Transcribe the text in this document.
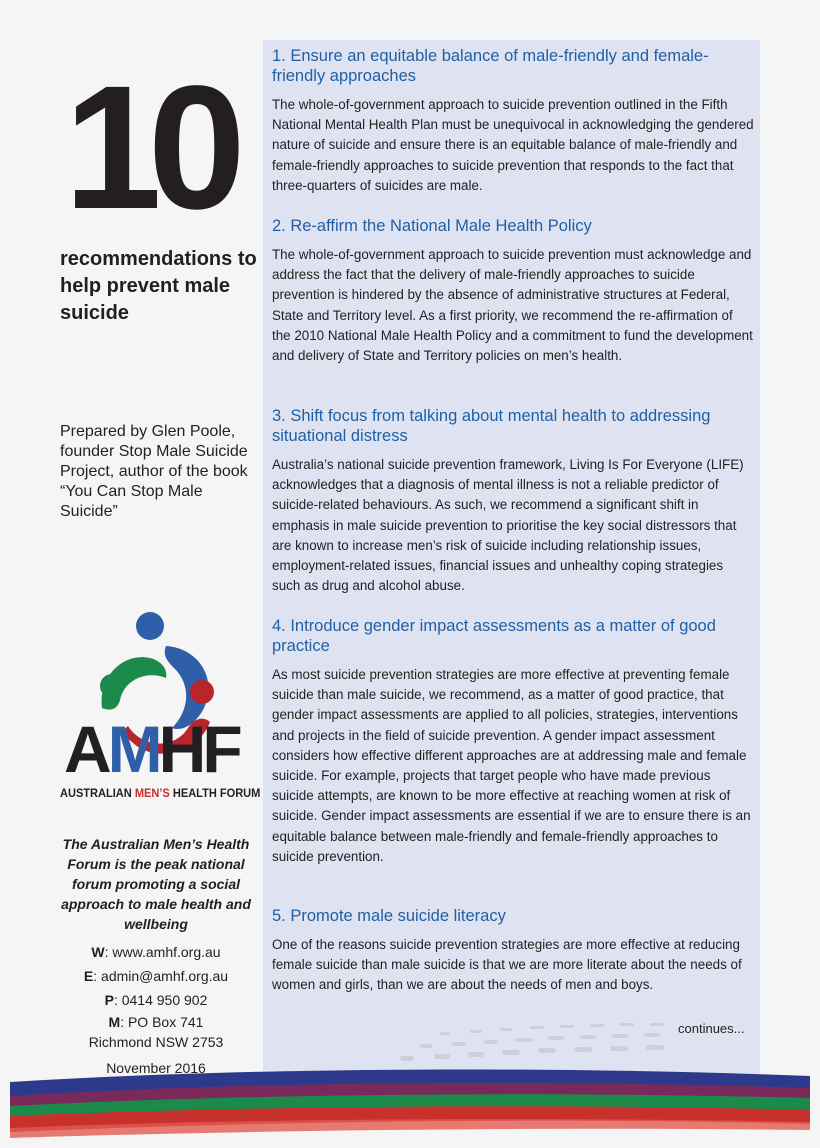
10
recommendations to help prevent male suicide
Prepared by Glen Poole, founder Stop Male Suicide Project, author of the book “You Can Stop Male Suicide”
AMHF
AUSTRALIAN MEN’S HEALTH FORUM
The Australian Men’s Health Forum is the peak national forum promoting a social approach to male health and wellbeing
W: www.amhf.org.au
E: admin@amhf.org.au
P: 0414 950 902
M: PO Box 741
Richmond NSW 2753
November 2016
1. Ensure an equitable balance of male-friendly and female-friendly approaches

The whole-of-government approach to suicide prevention outlined in the Fifth National Mental Health Plan must be unequivocal in acknowledging the gendered nature of suicide and ensure there is an equitable balance of male-friendly and female-friendly approaches to suicide prevention that responds to the fact that three-quarters of suicides are male.

2. Re-affirm the National Male Health Policy

The whole-of-government approach to suicide prevention must acknowledge and address the fact that the delivery of male-friendly approaches to suicide prevention is hindered by the absence of administrative structures at Federal, State and Territory level. As a first priority, we recommend the re-affirmation of the 2010 National Male Health Policy and a commitment to fund the development and delivery of State and Territory policies on men’s health.

3. Shift focus from talking about mental health to addressing situational distress

Australia’s national suicide prevention framework, Living Is For Everyone (LIFE) acknowledges that a diagnosis of mental illness is not a reliable predictor of suicide-related behaviours. As such, we recommend a significant shift in emphasis in male suicide prevention to prioritise the key social distressors that are known to increase men’s risk of suicide including relationship issues, employment-related issues, financial issues and unhealthy coping strategies such as drug and alcohol abuse.

4. Introduce gender impact assessments as a matter of good practice

As most suicide prevention strategies are more effective at preventing female suicide than male suicide, we recommend, as a matter of good practice, that gender impact assessments are applied to all policies, strategies, interventions and projects in the field of suicide prevention. A gender impact assessment considers how effective different approaches are at addressing male and female suicide. For example, projects that target people who have made previous suicide attempts, are known to be more effective at reaching women at risk of suicide. Gender impact assessments are essential if we are to ensure there is an equitable balance between male-friendly and female-friendly approaches to suicide prevention.

5. Promote male suicide literacy

One of the reasons suicide prevention strategies are more effective at reducing female suicide than male suicide is that we are more literate about the needs of women and girls, than we are about the needs of men and boys.

continues...
